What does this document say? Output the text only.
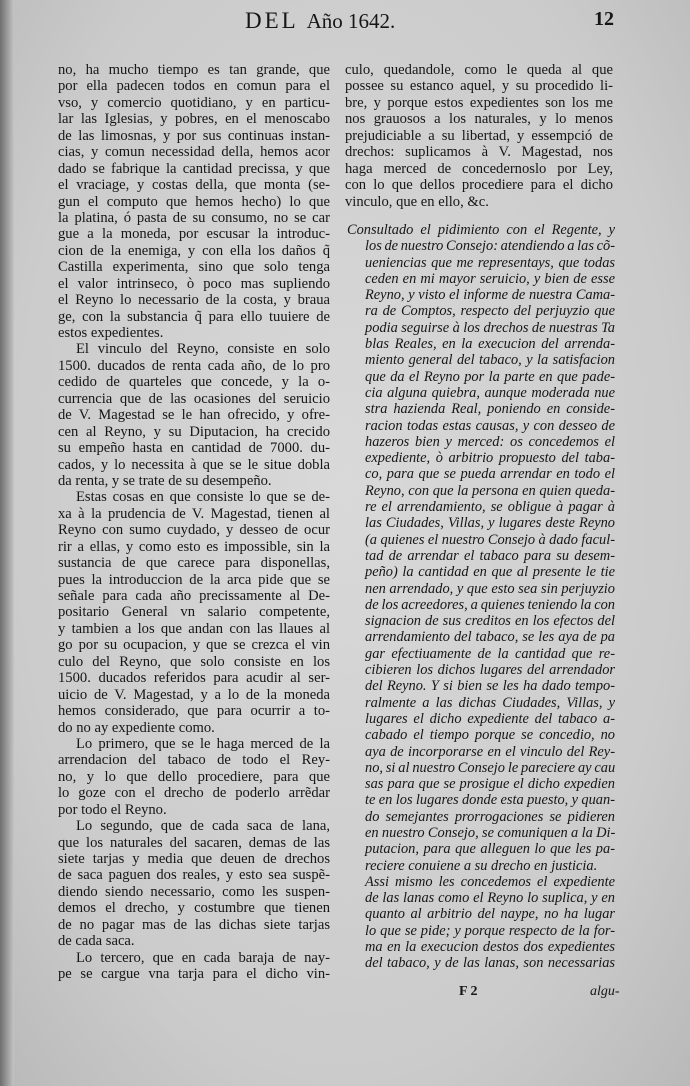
DEL Año 1642.	12
no, ha mucho tiempo es tan grande, que
por ella padecen todos en comun para el
vso, y comercio quotidiano, y en particu-
lar las Iglesias, y pobres, en el menoscabo
de las limosnas, y por sus continuas instan-
cias, y comun necessidad della, hemos acor
dado se fabrique la cantidad precissa, y que
el vraciage, y costas della, que monta (se-
gun el computo que hemos hecho) lo que
la platina, ó pasta de su consumo, no se car
gue a la moneda, por escusar la introduc-
cion de la enemiga, y con ella los daños q̃
Castilla experimenta, sino que solo tenga
el valor intrinseco, ò poco mas supliendo
el Reyno lo necessario de la costa, y braua
ge, con la substancia q̃ para ello tuuiere de
estos expedientes.
El vinculo del Reyno, consiste en solo
1500. ducados de renta cada año, de lo pro
cedido de quarteles que concede, y la o-
currencia que de las ocasiones del seruicio
de V. Magestad se le han ofrecido, y ofre-
cen al Reyno, y su Diputacion, ha crecido
su empeño hasta en cantidad de 7000. du-
cados, y lo necessita à que se le situe dobla
da renta, y se trate de su desempeño.
Estas cosas en que consiste lo que se de-
xa à la prudencia de V. Magestad, tienen al
Reyno con sumo cuydado, y desseo de ocur
rir a ellas, y como esto es impossible, sin la
sustancia de que carece para disponellas,
pues la introduccion de la arca pide que se
señale para cada año precissamente al De-
positario General vn salario competente,
y tambien a los que andan con las llaues al
go por su ocupacion, y que se crezca el vin
culo del Reyno, que solo consiste en los
1500. ducados referidos para acudir al ser-
uicio de V. Magestad, y a lo de la moneda
hemos considerado, que para ocurrir a to-
do no ay expediente como.
Lo primero, que se le haga merced de la
arrendacion del tabaco de todo el Rey-
no, y lo que dello procediere, para que
lo goze con el drecho de poderlo arrẽdar
por todo el Reyno.
Lo segundo, que de cada saca de lana,
que los naturales del sacaren, demas de las
siete tarjas y media que deuen de drechos
de saca paguen dos reales, y esto sea suspẽ-
diendo siendo necessario, como les suspen-
demos el drecho, y costumbre que tienen
de no pagar mas de las dichas siete tarjas
de cada saca.
Lo tercero, que en cada baraja de nay-
pe se cargue vna tarja para el dicho vin-
culo, quedandole, como le queda al que
possee su estanco aquel, y su procedido li-
bre, y porque estos expedientes son los me
nos grauosos a los naturales, y lo menos
prejudiciable a su libertad, y essempció de
drechos: suplicamos à V. Magestad, nos
haga merced de concedernoslo por Ley,
con lo que dellos procediere para el dicho
vinculo, que en ello, &c.
Consultado el pidimiento con el Regente, y
los de nuestro Consejo: atendiendo a las cõ-
ueniencias que me representays, que todas
ceden en mi mayor seruicio, y bien de esse
Reyno, y visto el informe de nuestra Cama-
ra de Comptos, respecto del perjuyzio que
podia seguirse à los drechos de nuestras Ta
blas Reales, en la execucion del arrenda-
miento general del tabaco, y la satisfacion
que da el Reyno por la parte en que pade-
cia alguna quiebra, aunque moderada nue
stra hazienda Real, poniendo en conside-
racion todas estas causas, y con desseo de
hazeros bien y merced: os concedemos el
expediente, ò arbitrio propuesto del taba-
co, para que se pueda arrendar en todo el
Reyno, con que la persona en quien queda-
re el arrendamiento, se obligue à pagar à
las Ciudades, Villas, y lugares deste Reyno
(a quienes el nuestro Consejo à dado facul-
tad de arrendar el tabaco para su desem-
peño) la cantidad en que al presente le tie
nen arrendado, y que esto sea sin perjuyzio
de los acreedores, a quienes teniendo la con
signacion de sus creditos en los efectos del
arrendamiento del tabaco, se les aya de pa
gar efectiuamente de la cantidad que re-
cibieren los dichos lugares del arrendador
del Reyno. Y si bien se les ha dado tempo-
ralmente a las dichas Ciudades, Villas, y
lugares el dicho expediente del tabaco a-
cabado el tiempo porque se concedio, no
aya de incorporarse en el vinculo del Rey-
no, si al nuestro Consejo le pareciere ay cau
sas para que se prosigue el dicho expedien
te en los lugares donde esta puesto, y quan-
do semejantes prorrogaciones se pidieren
en nuestro Consejo, se comuniquen a la Di-
putacion, para que alleguen lo que les pa-
reciere conuiene a su drecho en justicia.
Assi mismo les concedemos el expediente
de las lanas como el Reyno lo suplica, y en
quanto al arbitrio del naype, no ha lugar
lo que se pide; y porque respecto de la for-
ma en la execucion destos dos expedientes
del tabaco, y de las lanas, son necessarias
F 2	algu-
